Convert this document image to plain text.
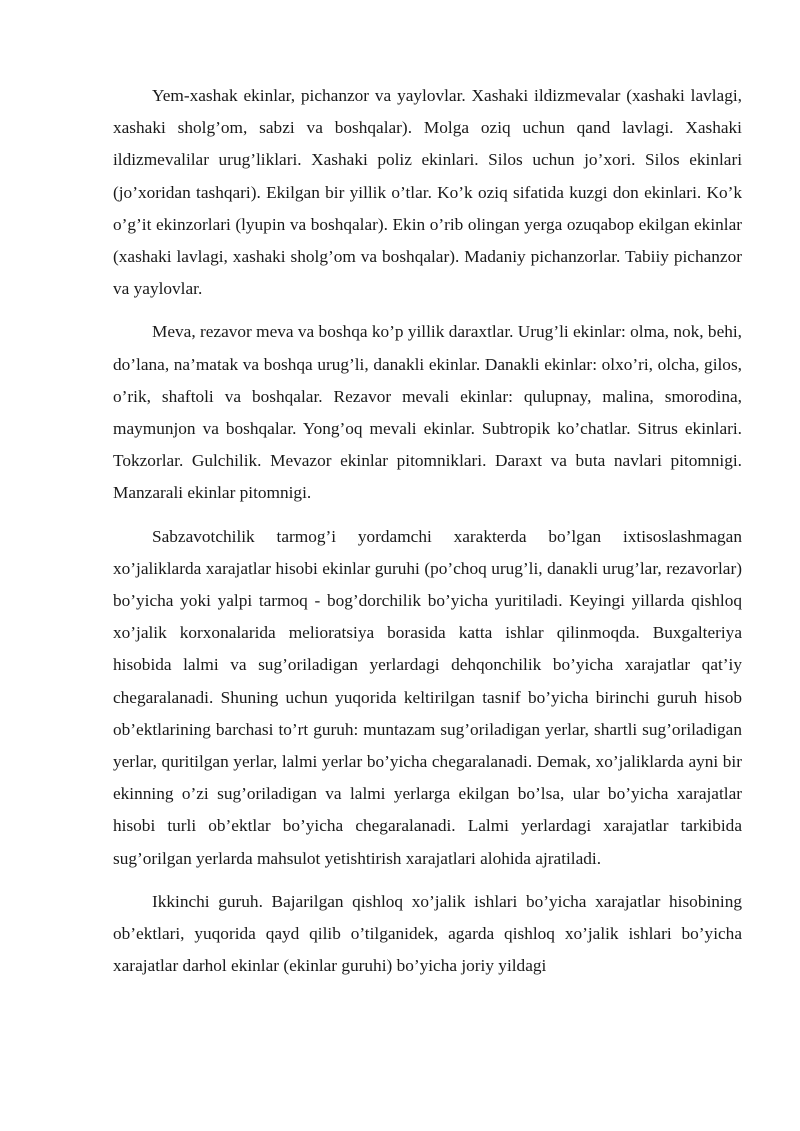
Yem-xashak ekinlar, pichanzor va yaylovlar. Xashaki ildizmevalar (xashaki lavlagi, xashaki sholg’om, sabzi va boshqalar). Molga oziq uchun qand lavlagi. Xashaki ildizmevalilar urug’liklari. Xashaki poliz ekinlari. Silos uchun jo’xori. Silos ekinlari (jo’xoridan tashqari). Ekilgan bir yillik o’tlar. Ko’k oziq sifatida kuzgi don ekinlari. Ko’k o’g’it ekinzorlari (lyupin va boshqalar). Ekin o’rib olingan yerga ozuqabop ekilgan ekinlar (xashaki lavlagi, xashaki sholg’om va boshqalar). Madaniy pichanzorlar. Tabiiy pichanzor va yaylovlar.

Meva, rezavor meva va boshqa ko’p yillik daraxtlar. Urug’li ekinlar: olma, nok, behi, do’lana, na’matak va boshqa urug’li, danakli ekinlar. Danakli ekinlar: olxo’ri, olcha, gilos, o’rik, shaftoli va boshqalar. Rezavor mevali ekinlar: qulupnay, malina, smorodina, maymunjon va boshqalar. Yong’oq mevali ekinlar. Subtropik ko’chatlar. Sitrus ekinlari. Tokzorlar. Gulchilik. Mevazor ekinlar pitomniklari. Daraxt va buta navlari pitomnigi. Manzarali ekinlar pitomnigi.

Sabzavotchilik tarmog’i yordamchi xarakterda bo’lgan ixtisoslashmagan xo’jaliklarda xarajatlar hisobi ekinlar guruhi (po’choq urug’li, danakli urug’lar, rezavorlar) bo’yicha yoki yalpi tarmoq - bog’dorchilik bo’yicha yuritiladi. Keyingi yillarda qishloq xo’jalik korxonalarida melioratsiya borasida katta ishlar qilinmoqda. Buxgalteriya hisobida lalmi va sug’oriladigan yerlardagi dehqonchilik bo’yicha xarajatlar qat’iy chegaralanadi. Shuning uchun yuqorida keltirilgan tasnif bo’yicha birinchi guruh hisob ob’ektlarining barchasi to’rt guruh: muntazam sug’oriladigan yerlar, shartli sug’oriladigan yerlar, quritilgan yerlar, lalmi yerlar bo’yicha chegaralanadi. Demak, xo’jaliklarda ayni bir ekinning o’zi sug’oriladigan va lalmi yerlarga ekilgan bo’lsa, ular bo’yicha xarajatlar hisobi turli ob’ektlar bo’yicha chegaralanadi. Lalmi yerlardagi xarajatlar tarkibida sug’orilgan yerlarda mahsulot yetishtirish xarajatlari alohida ajratiladi.

Ikkinchi guruh. Bajarilgan qishloq xo’jalik ishlari bo’yicha xarajatlar hisobining ob’ektlari, yuqorida qayd qilib o’tilganidek, agarda qishloq xo’jalik ishlari bo’yicha xarajatlar darhol ekinlar (ekinlar guruhi) bo’yicha joriy yildagi
